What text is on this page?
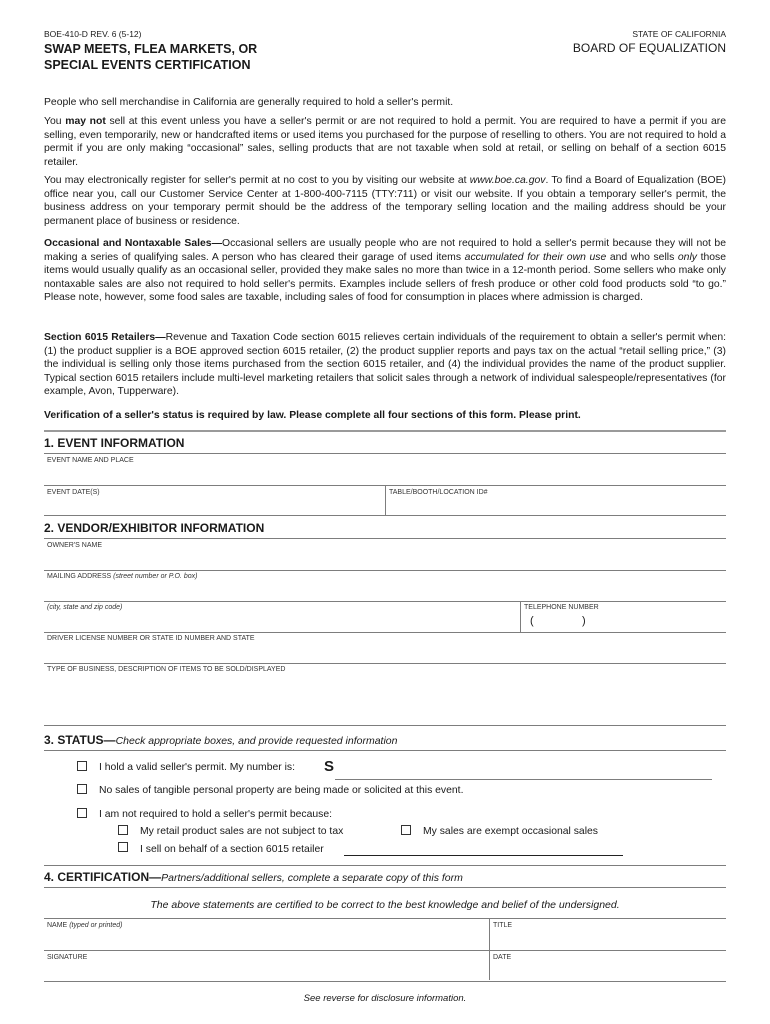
BOE-410-D REV. 6 (5-12)
SWAP MEETS, FLEA MARKETS, OR
SPECIAL EVENTS CERTIFICATION
STATE OF CALIFORNIA
BOARD OF EQUALIZATION
People who sell merchandise in California are generally required to hold a seller's permit.
You may not sell at this event unless you have a seller's permit or are not required to hold a permit. You are required to have a permit if you are selling, even temporarily, new or handcrafted items or used items you purchased for the purpose of reselling to others. You are not required to hold a permit if you are only making “occasional” sales, selling products that are not taxable when sold at retail, or selling on behalf of a section 6015 retailer.
You may electronically register for seller's permit at no cost to you by visiting our website at www.boe.ca.gov. To find a Board of Equalization (BOE) office near you, call our Customer Service Center at 1-800-400-7115 (TTY:711) or visit our website. If you obtain a temporary seller's permit, the business address on your temporary permit should be the address of the temporary selling location and the mailing address should be your permanent place of business or residence.
Occasional and Nontaxable Sales—Occasional sellers are usually people who are not required to hold a seller's permit because they will not be making a series of qualifying sales. A person who has cleared their garage of used items accumulated for their own use and who sells only those items would usually qualify as an occasional seller, provided they make sales no more than twice in a 12-month period. Some sellers who make only nontaxable sales are also not required to hold seller's permits. Examples include sellers of fresh produce or other cold food products sold “to go.” Please note, however, some food sales are taxable, including sales of food for consumption in places where admission is charged.
Section 6015 Retailers—Revenue and Taxation Code section 6015 relieves certain individuals of the requirement to obtain a seller's permit when: (1) the product supplier is a BOE approved section 6015 retailer, (2) the product supplier reports and pays tax on the actual “retail selling price,” (3) the individual is selling only those items purchased from the section 6015 retailer, and (4) the individual provides the name of the product supplier. Typical section 6015 retailers include multi-level marketing retailers that solicit sales through a network of individual salespeople/representatives (for example, Avon, Tupperware).
Verification of a seller's status is required by law. Please complete all four sections of this form. Please print.
1. EVENT INFORMATION
EVENT NAME AND PLACE
EVENT DATE(S)	TABLE/BOOTH/LOCATION ID#
2. VENDOR/EXHIBITOR INFORMATION
OWNER'S NAME
MAILING ADDRESS (street number or P.O. box)
(city, state and zip code)	TELEPHONE NUMBER
(	)
DRIVER LICENSE NUMBER OR STATE ID NUMBER AND STATE
TYPE OF BUSINESS, DESCRIPTION OF ITEMS TO BE SOLD/DISPLAYED
3. STATUS—Check appropriate boxes, and provide requested information
I hold a valid seller's permit. My number is: S
No sales of tangible personal property are being made or solicited at this event.
I am not required to hold a seller's permit because:
My retail product sales are not subject to tax	My sales are exempt occasional sales
I sell on behalf of a section 6015 retailer
4. CERTIFICATION—Partners/additional sellers, complete a separate copy of this form
The above statements are certified to be correct to the best knowledge and belief of the undersigned.
NAME (typed or printed)	TITLE
SIGNATURE	DATE
See reverse for disclosure information.
